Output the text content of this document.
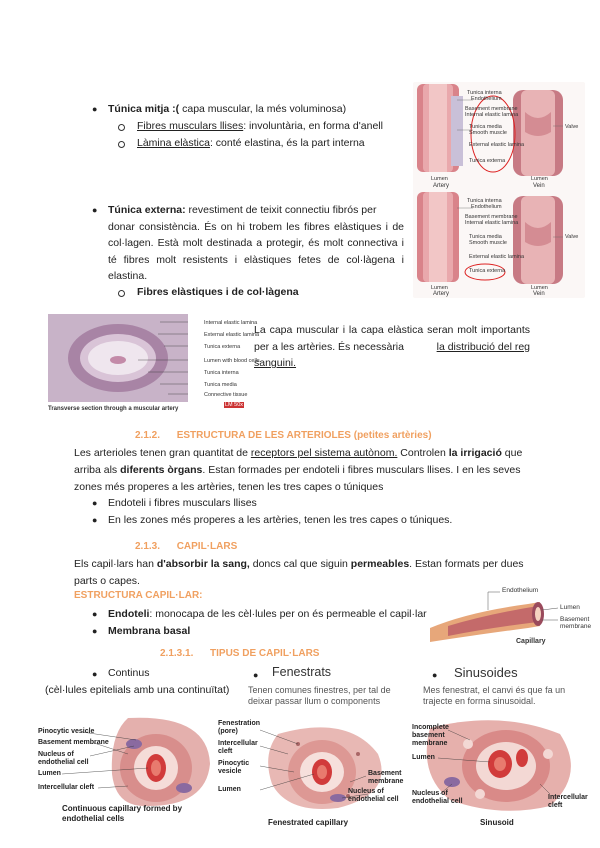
● Túnica mitja :( capa muscular, la més voluminosa)
Fibres musculars llises: involuntària, en forma d'anell
Làmina elàstica: conté elastina, és la part interna
● Túnica externa: revestiment de teixit connectiu fibrós per
donar consistència. És on hi trobem les fibres elàstiques i de
col·lagen. Està molt destinada a protegir, és molt connectiva i
té fibres molt resistents i elàstiques fetes de col·làgena i
elastina.
Fibres elàstiques i de col·làgena
Tunica interna
Endothelium
Basement membrane
Internal elastic lamina
Tunica media
Smooth muscle
External elastic lamina
Tunica externa
Valve
Lumen
Artery
Lumen
Vein
Tunica interna
Endothelium
Basement membrane
Internal elastic lamina
Tunica media
Smooth muscle
External elastic lamina
Tunica externa
Valve
Lumen
Artery
Lumen
Vein
Internal elastic lamina
External elastic lamina
Tunica externa
Lumen with blood cells
Tunica interna
Tunica media
Connective tissue
LM 50x
Transverse section through a muscular artery
La capa muscular i la capa elàstica seran molt importants
per a les artèries. És necessària	la distribució del reg
sanguini.
2.1.2.      ESTRUCTURA DE LES ARTERIOLES (petites artèries)
Les arterioles tenen gran quantitat de receptors pel sistema autònom. Controlen la irrigació que
arriba als diferents òrgans. Estan formades per endoteli i fibres musculars llises. I en les seves
zones més properes a les artèries, tenen les tres capes o túniques
● Endoteli i fibres musculars llises
● En les zones més properes a les artèries, tenen les tres capes o túniques.
2.1.3.      CAPIL·LARS
Els capil·lars han d'absorbir la sang, doncs cal que siguin permeables. Estan formats per dues
parts o capes.
ESTRUCTURA CAPIL·LAR:
● Endoteli: monocapa de les cèl·lules per on és permeable el capil·lar
● Membrana basal
Endothelium
Lumen
Basement membrane
Capillary
2.1.3.1.      TIPUS DE CAPIL·LARS
● Continus
(cèl·lules epitelials amb una continuïtat)
● Fenestrats
Tenen comunes finestres, per tal de
deixar passar llum o components
● Sinusoides
Mes fenestrat, el canvi és que fa un
trajecte en forma sinusoidal.
Pinocytic vesicle
Basement membrane
Nucleus of endothelial cell
Lumen
Intercellular cleft
Continuous capillary formed by endothelial cells
Fenestration (pore)
Intercellular cleft
Pinocytic vesicle
Lumen
Basement membrane
Nucleus of endothelial cell
Fenestrated capillary
Incomplete basement membrane
Lumen
Nucleus of endothelial cell
Intercellular cleft
Sinusoid
